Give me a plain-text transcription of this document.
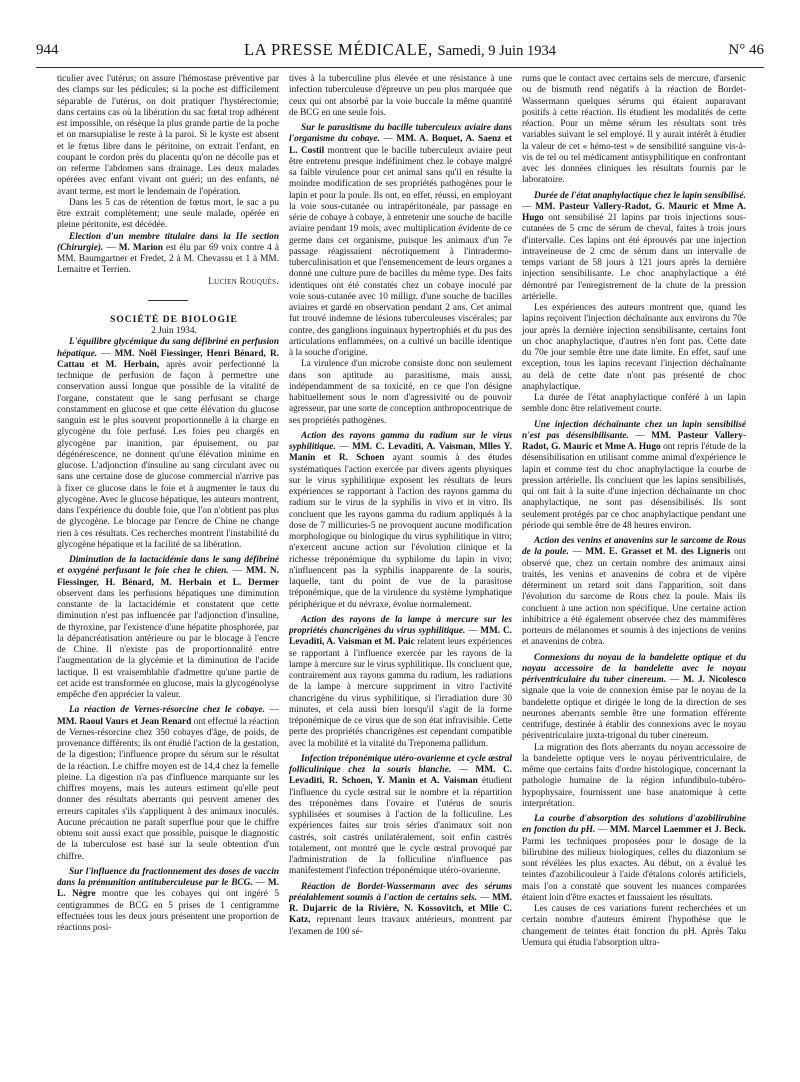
944	LA PRESSE MÉDICALE, Samedi, 9 Juin 1934	N° 46

ticulier avec l'utérus; on assure l'hémostase préventive par des clamps sur les pédicules; si la poche est difficilement séparable de l'utérus, on doit pratiquer l'hystérectomie; dans certains cas où la libération du sac fœtal trop adhérent est impossible, on résèque la plus grande partie de la poche et on marsupialise le reste à la paroi. Si le kyste est absent et le fœtus libre dans le péritoine, on extrait l'enfant, en coupant le cordon près du placenta qu'on ne décolle pas et on referme l'abdomen sans drainage. Les deux malades opérées avec enfant vivant ont guéri; un des enfants, né avant terme, est mort le lendemain de l'opération.

Dans les 5 cas de rétention de fœtus mort, le sac a pu être extrait complètement; une seule malade, opérée en pleine péritonite, est décédée.

Election d'un membre titulaire dans la IIe section (Chirurgie). — M. Marion est élu par 69 voix contre 4 à MM. Baumgartner et Fredet, 2 à M. Chevassu et 1 à MM. Lemaitre et Terrien.

Lucien Rouquès.

SOCIÉTÉ DE BIOLOGIE

2 Juin 1934.

L'équilibre glycémique du sang défibriné en perfusion hépatique. — MM. Noël Fiessinger, Henri Bénard, R. Cattau et M. Herbain, après avoir perfectionné la technique de perfusion de façon à permettre une conservation aussi longue que possible de la vitalité de l'organe, constatent que le sang perfusant se charge constamment en glucose et que cette élévation du glucose sanguin est le plus souvent proportionnelle à la charge en glycogène du foie perfusé. Les foies peu chargés en glycogène par inanition, par épuisement, ou par dégénérescence, ne donnent qu'une élévation minime en glucose. L'adjonction d'insuline au sang circulant avec ou sans une certaine dose de glucose commercial n'arrive pas à fixer ce glucose dans le foie et à augmenter le taux du glycogène. Avec le glucose hépatique, les auteurs montrent, dans l'expérience du double foie, que l'on n'obtient pas plus de glycogène. Le blocage par l'encre de Chine ne change rien à ces résultats. Ces recherches montrent l'instabilité du glycogène hépatique et la facilité de sa libération.

Diminution de la lactacidémie dans le sang défibriné et oxygéné perfusant le foie chez le chien. — MM. N. Fiessinger, H. Bénard, M. Herbain et L. Dermer observent dans les perfusions hépatiques une diminution constante de la lactacidémie et constatent que cette diminution n'est pas influencée par l'adjonction d'insuline, de thyroxine, par l'existence d'une hépatite phosphorée, par la dépancréatisation antérieure ou par le blocage à l'encre de Chine. Il n'existe pas de proportionnalité entre l'augmentation de la glycémie et la diminution de l'acide lactique. Il est vraisemblable d'admettre qu'une partie de cet acide est transformée en glucose, mais la glycogénolyse empêche d'en apprécier la valeur.

La réaction de Vernes-résorcine chez le cobaye. — MM. Raoul Vaurs et Jean Renard ont effectué la réaction de Vernes-résorcine chez 350 cobayes d'âge, de poids, de provenance différents; ils ont étudié l'action de la gestation, de la digestion; l'influence propre du sérum sur le résultat de la réaction. Le chiffre moyen est de 14,4 chez la femelle pleine. La digestion n'a pas d'influence marquante sur les chiffres moyens, mais les auteurs estiment qu'elle peut donner des résultats aberrants qui peuvent amener des erreurs capitales s'ils s'appliquent à des animaux inoculés. Aucune précaution ne paraît superflue pour que le chiffre obtenu soit aussi exact que possible, puisque le diagnostic de la tuberculose est basé sur la seule obtention d'un chiffre.

Sur l'influence du fractionnement des doses de vaccin dans la prémunition antituberculeuse par le BCG. — M. L. Nègre montre que les cobayes qui ont ingéré 5 centigrammes de BCG en 5 prises de 1 centigramme effectuées tous les deux jours présentent une proportion de réactions posi-

tives à la tuberculine plus élevée et une résistance à une infection tuberculeuse d'épreuve un peu plus marquée que ceux qui ont absorbé par la voie buccale la même quantité de BCG en une seule fois.

Sur le parasitisme du bacille tuberculeux aviaire dans l'organisme du cobaye. — MM. A. Boquet, A. Saenz et L. Costil montrent que le bacille tuberculeux aviaire peut être entretenu presque indéfiniment chez le cobaye malgré sa faible virulence pour cet animal sans qu'il en résulte la moindre modification de ses propriétés pathogènes pour le lapin et pour la poule. Ils ont, en effet, réussi, en employant la voie sous-cutanée ou intrapéritonéale, par passage en série de cobaye à cobaye, à entretenir une souche de bacille aviaire pendant 19 mois, avec multiplication évidente de ce germe dans cet organisme, puisque les animaux d'un 7e passage réagissaient nécrotiquement à l'intradermo-tuberculinisation et que l'ensemencement de leurs organes a donné une culture pure de bacilles du même type. Des faits identiques ont été constatés chez un cobaye inoculé par voie sous-cutanée avec 10 milligr. d'une souche de bacilles aviaires et gardé en observation pendant 2 ans. Cet animal fut trouvé indemne de lésions tuberculeuses viscérales; par contre, des ganglions inguinaux hypertrophiés et du pus des articulations enflammées, on a cultivé un bacille identique à la souche d'origine.

La virulence d'un microbe consiste donc non seulement dans son aptitude au parasitisme, mais aussi, indépendamment de sa toxicité, en ce que l'on désigne habituellement sous le nom d'agressivité ou de pouvoir agresseur, par une sorte de conception anthropocentrique de ses propriétés pathogènes.

Action des rayons gamma du radium sur le virus syphilitique. — MM. C. Levaditi, A. Vaisman, Mlles Y. Manin et R. Schoen ayant soumis à des études systématiques l'action exercée par divers agents physiques sur le virus syphilitique exposent les résultats de leurs expériences se rapportant à l'action des rayons gamma du radium sur le virus de la syphilis in vivo et in vitro. Ils concluent que les rayons gamma du radium appliqués à la dose de 7 millicuries-5 ne provoquent aucune modification morphologique ou biologique du virus syphilitique in vitro; n'exercent aucune action sur l'évolution clinique et la richesse tréponémique du syphilome du lapin in vivo; n'influencent pas la syphilis inapparente de la souris, laquelle, tant du point de vue de la parasitose tréponémique, que de la virulence du système lymphatique périphérique et du névraxe, évolue normalement.

Action des rayons de la lampe à mercure sur les propriétés chancrigènes du virus syphilitique. — MM. C. Levaditi, A. Vaisman et M. Paic relatent leurs expériences se rapportant à l'influence exercée par les rayons de la lampe à mercure sur le virus syphilitique. Ils concluent que, contrairement aux rayons gamma du radium, les radiations de la lampe à mercure suppriment in vitro l'activité chancrigène du virus syphilitique, si l'irradiation dure 30 minutes, et cela aussi bien lorsqu'il s'agit de la forme tréponémique de ce virus que de son état infravisible. Cette perte des propriétés chancrigènes est cependant compatible avec la mobilité et la vitalité du Treponema pallidum.

Infection tréponémique utéro-ovarienne et cycle œstral folliculinique chez la souris blanche. — MM. C. Levaditi, R. Schoen, Y. Manin et A. Vaisman étudient l'influence du cycle œstral sur le nombre et la répartition des tréponèmes dans l'ovaire et l'utérus de souris syphilisées et soumises à l'action de la folliculine. Les expériences faites sur trois séries d'animaux soit non castrés, soit castrés unilatéralement, soit enfin castrés totalement, ont montré que le cycle œstral provoqué par l'administration de la folliculine n'influence pas manifestement l'infection tréponémique utéro-ovarienne.

Réaction de Bordet-Wassermann avec des sérums préalablement soumis à l'action de certains sels. — MM. R. Dujarric de la Rivière, N. Kossovitch, et Mlle C. Katz, reprenant leurs travaux antérieurs, montrent par l'examen de 100 sé-

rums que le contact avec certains sels de mercure, d'arsenic ou de bismuth rend négatifs à la réaction de Bordet-Wassermann quelques sérums qui étaient auparavant positifs à cette réaction. Ils étudient les modalités de cette réaction. Pour un même sérum les résultats sont très variables suivant le sel employé. Il y aurait intérêt à étudier la valeur de cet « hémo-test » de sensibilité sanguine vis-à-vis de tel ou tel médicament antisyphilitique en confrontant avec les données cliniques les résultats fournis par le laboratoire.

Durée de l'état anaphylactique chez le lapin sensibilisé. — MM. Pasteur Vallery-Radot, G. Mauric et Mme A. Hugo ont sensibilisé 21 lapins par trois injections sous-cutanées de 5 cmc de sérum de cheval, faites à trois jours d'intervalle. Ces lapins ont été éprouvés par une injection intraveineuse de 2 cmc de sérum dans un intervalle de temps variant de 58 jours à 121 jours après la dernière injection sensibilisante. Le choc anaphylactique a été démontré par l'enregistrement de la chute de la pression artérielle.

Les expériences des auteurs montrent que, quand les lapins reçoivent l'injection déchaînante aux environs du 70e jour après la dernière injection sensibilisante, certains font un choc anaphylactique, d'autres n'en font pas. Cette date du 70e jour semble être une date limite. En effet, sauf une exception, tous les lapins recevant l'injection déchaînante au delà de cette date n'ont pas présenté de choc anaphylactique.

La durée de l'état anaphylactique conféré à un lapin semble donc être relativement courte.

Une injection déchaînante chez un lapin sensibilisé n'est pas désensibilisante. — MM. Pasteur Vallery-Radot, G. Mauric et Mme A. Hugo ont repris l'étude de la désensibilisation en utilisant comme animal d'expérience le lapin et comme test du choc anaphylactique la courbe de pression artérielle. Ils concluent que les lapins sensibilisés, qui ont fait à la suite d'une injection déchaînante un choc anaphylactique, ne sont pas désensibilisés. Ils sont seulement protégés par ce choc anaphylactique pendant une période qui semble être de 48 heures environ.

Action des venins et anavenins sur le sarcome de Rous de la poule. — MM. E. Grasset et M. des Ligneris ont observé que, chez un certain nombre des animaux ainsi traités, les venins et anavenins de cobra et de vipère déterminent un retard soit dans l'apparition, soit dans l'évolution du sarcome de Rous chez la poule. Mais ils concluent à une action non spécifique. Une certaine action inhibitrice a été également observée chez des mammifères porteurs de mélanomes et soumis à des injections de venins et anavenins de cobra.

Connexions du noyau de la bandelette optique et du noyau accessoire de la bandelette avec le noyau périventriculaire du tuber cinereum. — M. J. Nicolesco signale que la voie de connexion émise par le noyau de la bandelette optique et dirigée le long de la direction de ses neurones aberrants semble être une formation efférente centrifuge, destinée à établir des connexions avec le noyau périventriculaire juxta-trigonal du tuber cinereum.

La migration des flots aberrants du noyau accessoire de la bandelette optique vers le noyau périventriculaire, de même que certains faits d'ordre histologique, concernant la pathologie humaine de la région infundibulo-tubéro-hypophysaire, fournissent une base anatomique à cette interprétation.

La courbe d'absorption des solutions d'azobilirubine en fonction du pH. — MM. Marcel Laemmer et J. Beck. Parmi les techniques proposées pour le dosage de la bilirubine des milieux biologiques, celles du diazonium se sont révélées les plus exactes. Au début, on a évalué les teintes d'azobilicouleur à l'aide d'étalons colorés artificiels, mais l'on a constaté que souvent les nuances comparées étaient loin d'être exactes et faussaient les résultats.

Les causes de ces variations furent recherchées et un certain nombre d'auteurs émirent l'hypothèse que le changement de teintes était fonction du pH. Après Taku Uemura qui étudia l'absorption ultra-
